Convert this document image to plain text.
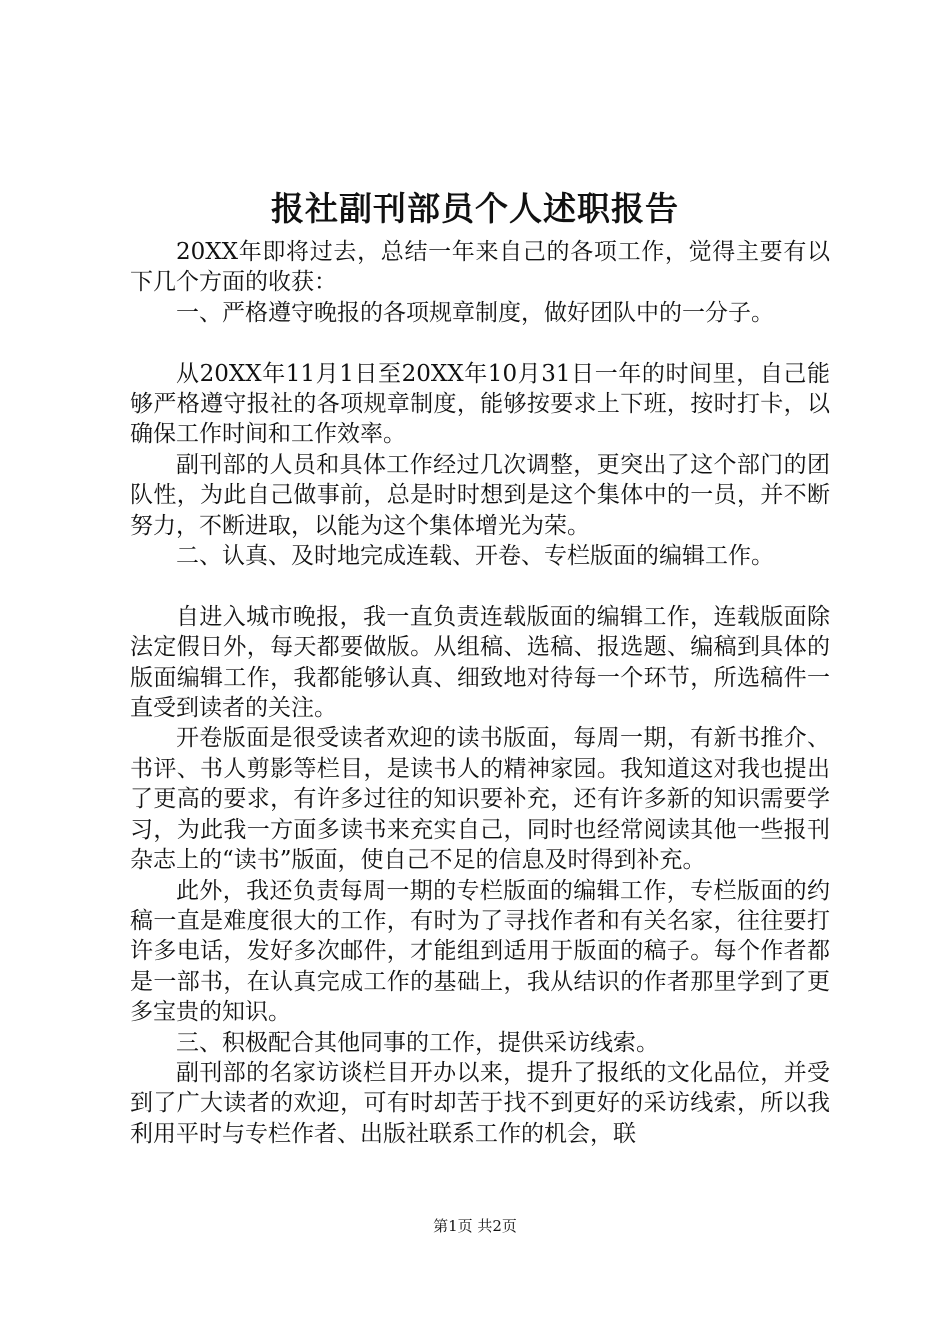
报社副刊部员个人述职报告

20XX年即将过去，总结一年来自己的各项工作，觉得主要有以下几个方面的收获：

一、严格遵守晚报的各项规章制度，做好团队中的一分子。

从20XX年11月1日至20XX年10月31日一年的时间里，自己能够严格遵守报社的各项规章制度，能够按要求上下班，按时打卡，以确保工作时间和工作效率。

副刊部的人员和具体工作经过几次调整，更突出了这个部门的团队性，为此自己做事前，总是时时想到是这个集体中的一员，并不断努力，不断进取，以能为这个集体增光为荣。

二、认真、及时地完成连载、开卷、专栏版面的编辑工作。

自进入城市晚报，我一直负责连载版面的编辑工作，连载版面除法定假日外，每天都要做版。从组稿、选稿、报选题、编稿到具体的版面编辑工作，我都能够认真、细致地对待每一个环节，所选稿件一直受到读者的关注。

开卷版面是很受读者欢迎的读书版面，每周一期，有新书推介、书评、书人剪影等栏目，是读书人的精神家园。我知道这对我也提出了更高的要求，有许多过往的知识要补充，还有许多新的知识需要学习，为此我一方面多读书来充实自己，同时也经常阅读其他一些报刊杂志上的“读书”版面，使自己不足的信息及时得到补充。

此外，我还负责每周一期的专栏版面的编辑工作，专栏版面的约稿一直是难度很大的工作，有时为了寻找作者和有关名家，往往要打许多电话，发好多次邮件，才能组到适用于版面的稿子。每个作者都是一部书，在认真完成工作的基础上，我从结识的作者那里学到了更多宝贵的知识。

三、积极配合其他同事的工作，提供采访线索。

副刊部的名家访谈栏目开办以来，提升了报纸的文化品位，并受到了广大读者的欢迎，可有时却苦于找不到更好的采访线索，所以我利用平时与专栏作者、出版社联系工作的机会，联

第1页 共2页
